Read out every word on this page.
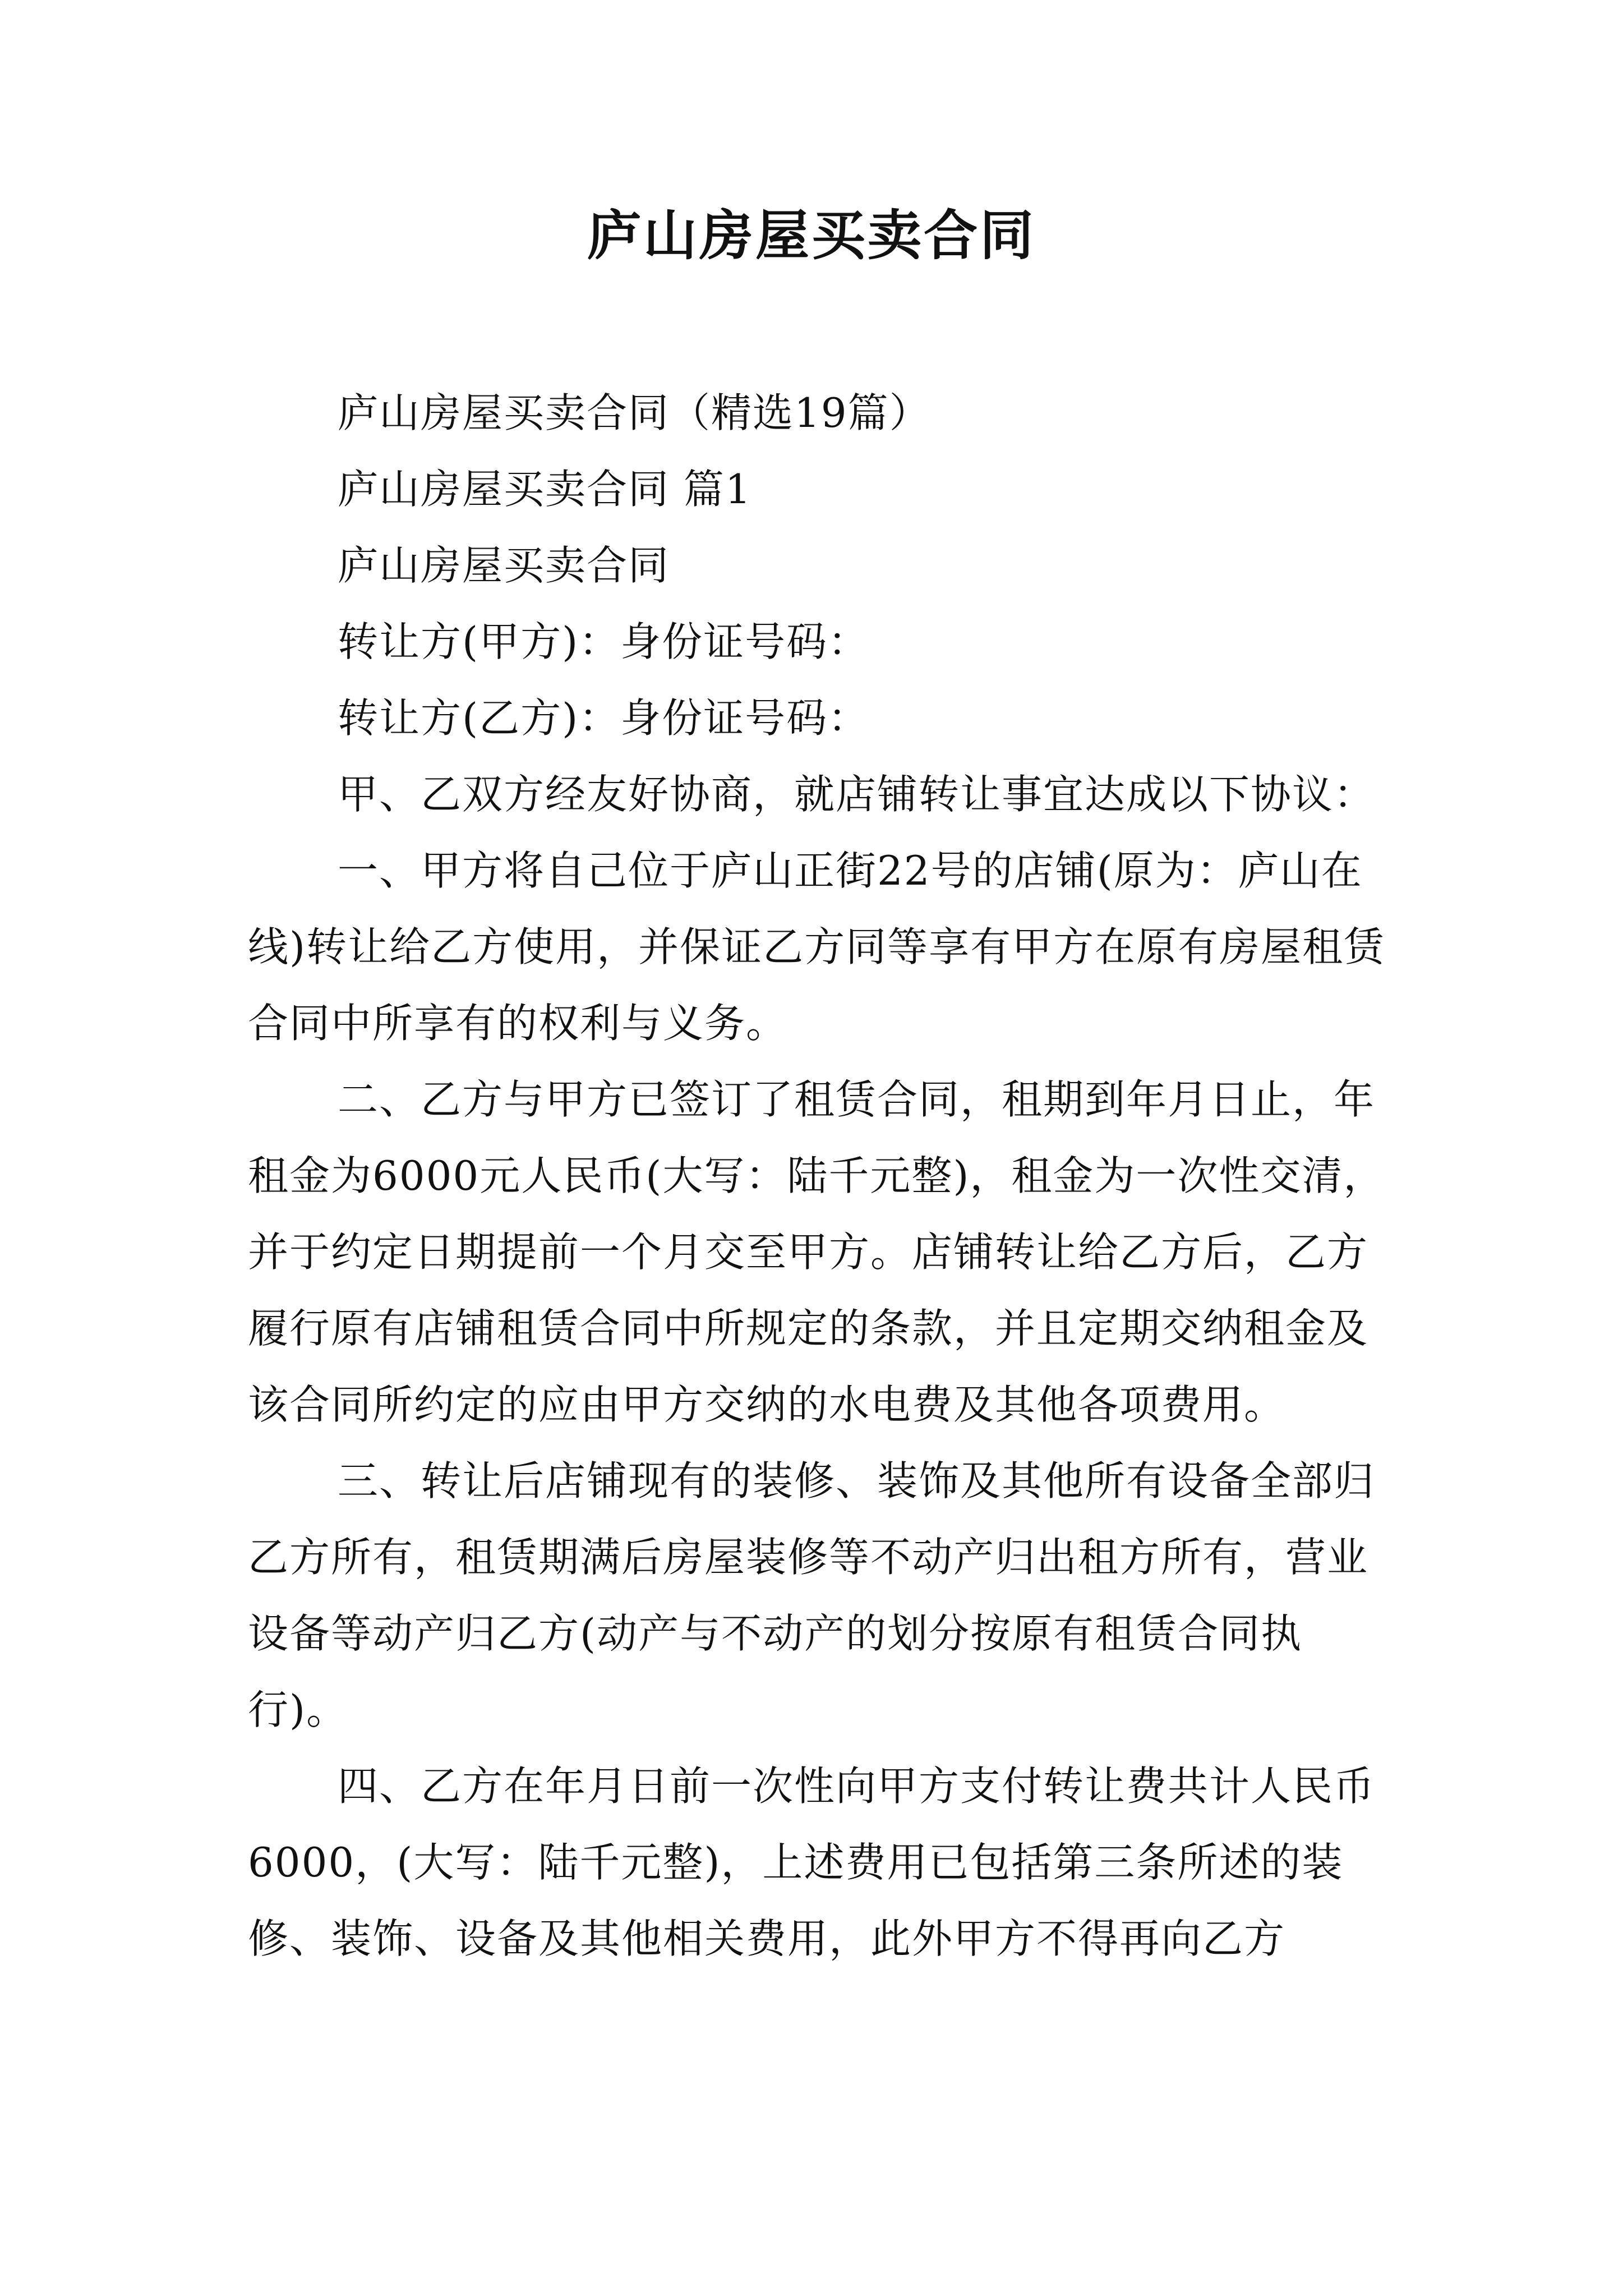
庐山房屋买卖合同

庐山房屋买卖合同（精选19篇）

庐山房屋买卖合同 篇1

庐山房屋买卖合同

转让方(甲方)：身份证号码：

转让方(乙方)：身份证号码：

甲、乙双方经友好协商，就店铺转让事宜达成以下协议：

一、甲方将自己位于庐山正街22号的店铺(原为：庐山在线)转让给乙方使用，并保证乙方同等享有甲方在原有房屋租赁合同中所享有的权利与义务。

二、乙方与甲方已签订了租赁合同，租期到年月日止，年租金为6000元人民币(大写：陆千元整)，租金为一次性交清，并于约定日期提前一个月交至甲方。店铺转让给乙方后，乙方履行原有店铺租赁合同中所规定的条款，并且定期交纳租金及该合同所约定的应由甲方交纳的水电费及其他各项费用。

三、转让后店铺现有的装修、装饰及其他所有设备全部归乙方所有，租赁期满后房屋装修等不动产归出租方所有，营业设备等动产归乙方(动产与不动产的划分按原有租赁合同执行)。

四、乙方在年月日前一次性向甲方支付转让费共计人民币6000，(大写：陆千元整)，上述费用已包括第三条所述的装修、装饰、设备及其他相关费用，此外甲方不得再向乙方
